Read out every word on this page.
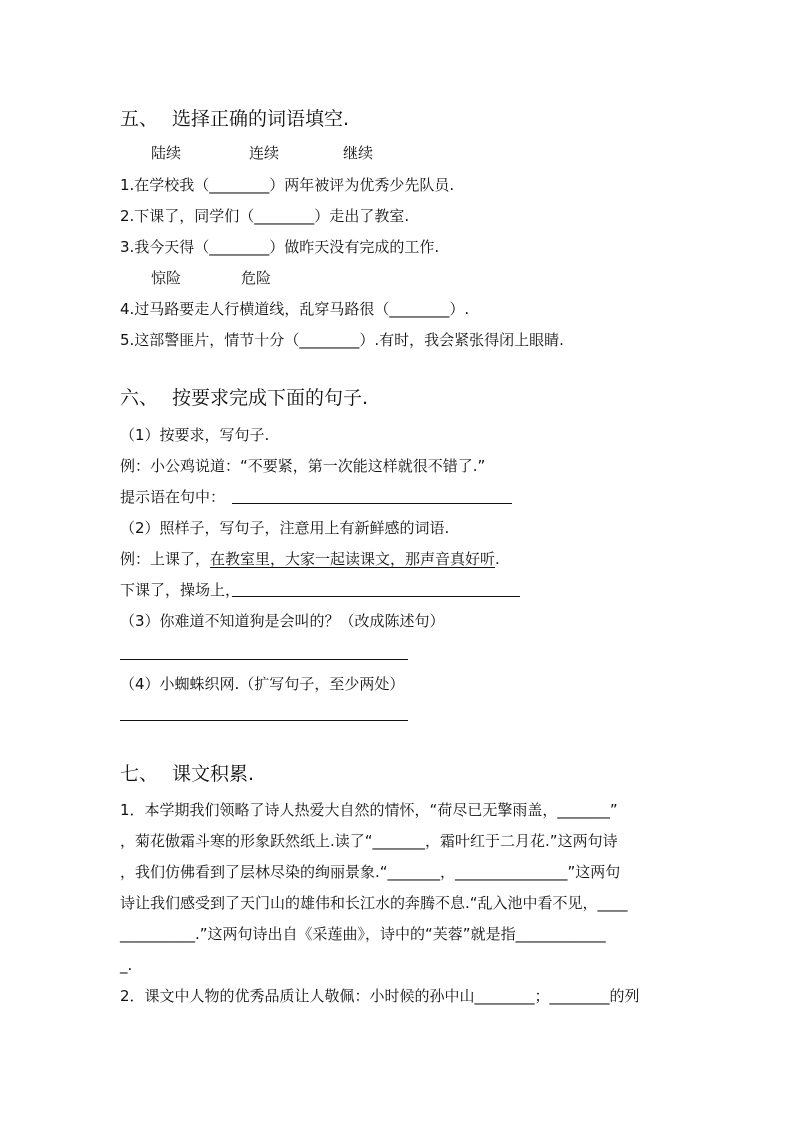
五、 选择正确的词语填空.
陆续	连续	继续
1.在学校我（________）两年被评为优秀少先队员.
2.下课了，同学们（________）走出了教室.
3.我今天得（________）做昨天没有完成的工作.
惊险	危险
4.过马路要走人行横道线，乱穿马路很（________）.
5.这部警匪片，情节十分（________）.有时，我会紧张得闭上眼睛.
六、 按要求完成下面的句子.
（1）按要求，写句子.
例：小公鸡说道：“不要紧，第一次能这样就很不错了.”
提示语在句中：
（2）照样子，写句子，注意用上有新鲜感的词语.
例：上课了，在教室里，大家一起读课文，那声音真好听.
下课了，操场上，
（3）你难道不知道狗是会叫的？（改成陈述句）
（4）小蜘蛛织网.（扩写句子，至少两处）
七、 课文积累.
1．本学期我们领略了诗人热爱大自然的情怀，“荷尽已无擎雨盖，_______”
，菊花傲霜斗寒的形象跃然纸上.读了“_______，霜叶红于二月花.”这两句诗
，我们仿佛看到了层林尽染的绚丽景象.“_______，_______________”这两句
诗让我们感受到了天门山的雄伟和长江水的奔腾不息.“乱入池中看不见，____
__________.”这两句诗出自《采莲曲》，诗中的“芙蓉”就是指____________
_.
2．课文中人物的优秀品质让人敬佩：小时候的孙中山________；________的列
